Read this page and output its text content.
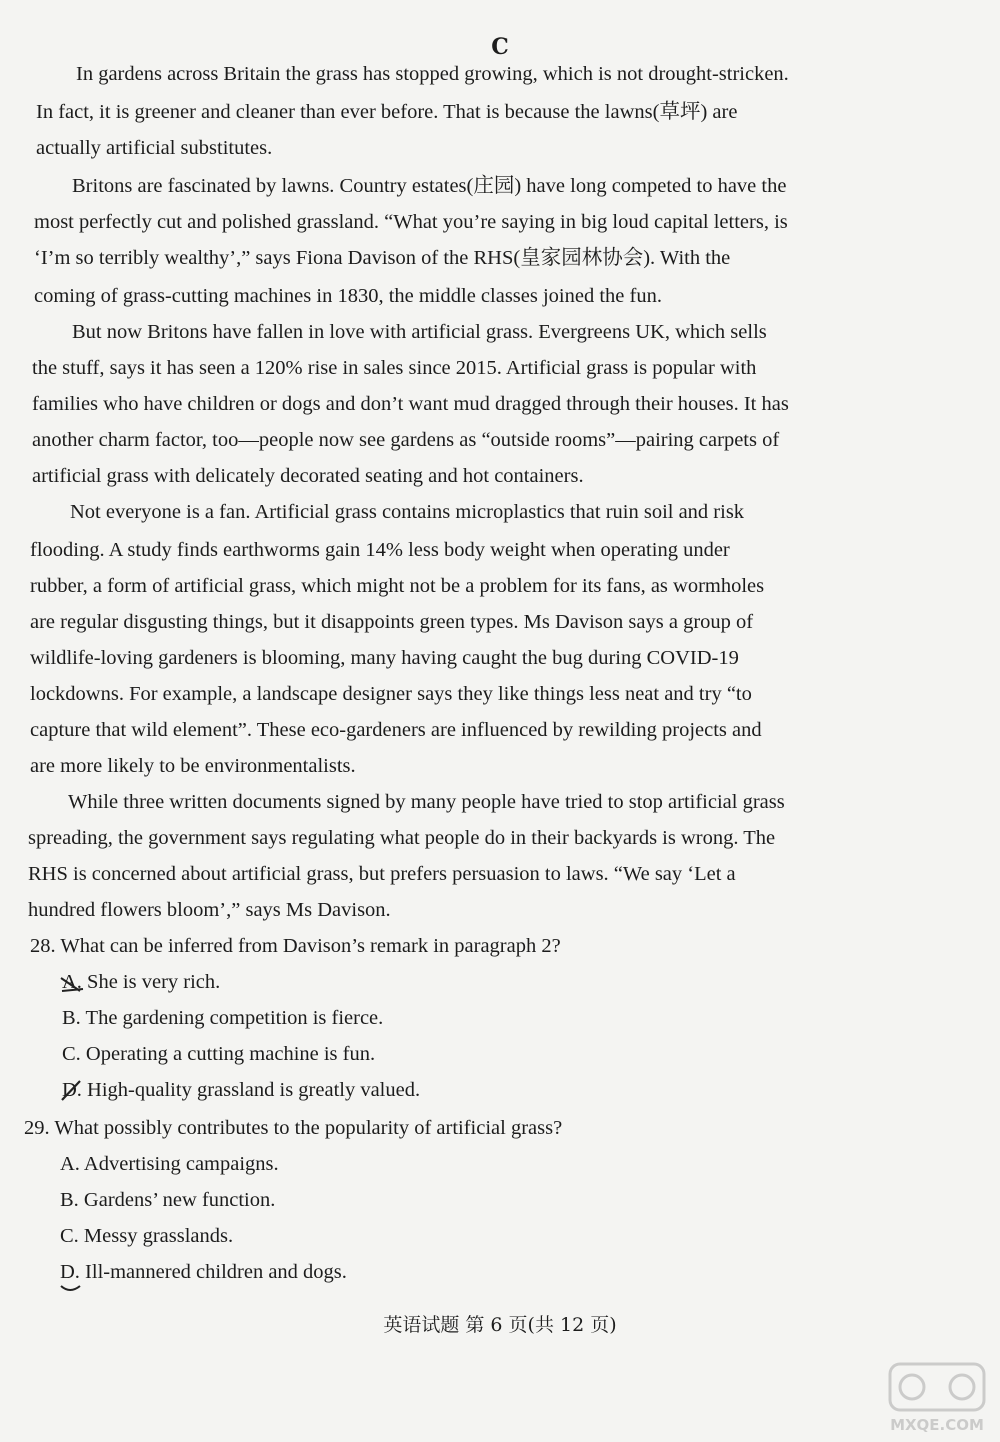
C
In gardens across Britain the grass has stopped growing, which is not drought-stricken.
In fact, it is greener and cleaner than ever before. That is because the lawns(草坪) are
actually artificial substitutes.
Britons are fascinated by lawns. Country estates(庄园) have long competed to have the
most perfectly cut and polished grassland. “What you’re saying in big loud capital letters, is
‘I’m so terribly wealthy’,” says Fiona Davison of the RHS(皇家园林协会). With the
coming of grass-cutting machines in 1830, the middle classes joined the fun.
But now Britons have fallen in love with artificial grass. Evergreens UK, which sells
the stuff, says it has seen a 120% rise in sales since 2015. Artificial grass is popular with
families who have children or dogs and don’t want mud dragged through their houses. It has
another charm factor, too—people now see gardens as “outside rooms”—pairing carpets of
artificial grass with delicately decorated seating and hot containers.
Not everyone is a fan. Artificial grass contains microplastics that ruin soil and risk
flooding. A study finds earthworms gain 14% less body weight when operating under
rubber, a form of artificial grass, which might not be a problem for its fans, as wormholes
are regular disgusting things, but it disappoints green types. Ms Davison says a group of
wildlife-loving gardeners is blooming, many having caught the bug during COVID-19
lockdowns. For example, a landscape designer says they like things less neat and try “to
capture that wild element”. These eco-gardeners are influenced by rewilding projects and
are more likely to be environmentalists.
While three written documents signed by many people have tried to stop artificial grass
spreading, the government says regulating what people do in their backyards is wrong. The
RHS is concerned about artificial grass, but prefers persuasion to laws. “We say ‘Let a
hundred flowers bloom’,” says Ms Davison.
28. What can be inferred from Davison’s remark in paragraph 2?
A. She is very rich.
B. The gardening competition is fierce.
C. Operating a cutting machine is fun.
D. High-quality grassland is greatly valued.
29. What possibly contributes to the popularity of artificial grass?
A. Advertising campaigns.
B. Gardens’ new function.
C. Messy grasslands.
D. Ill-mannered children and dogs.
英语试题 第 6 页(共 12 页)
MXQE.COM
